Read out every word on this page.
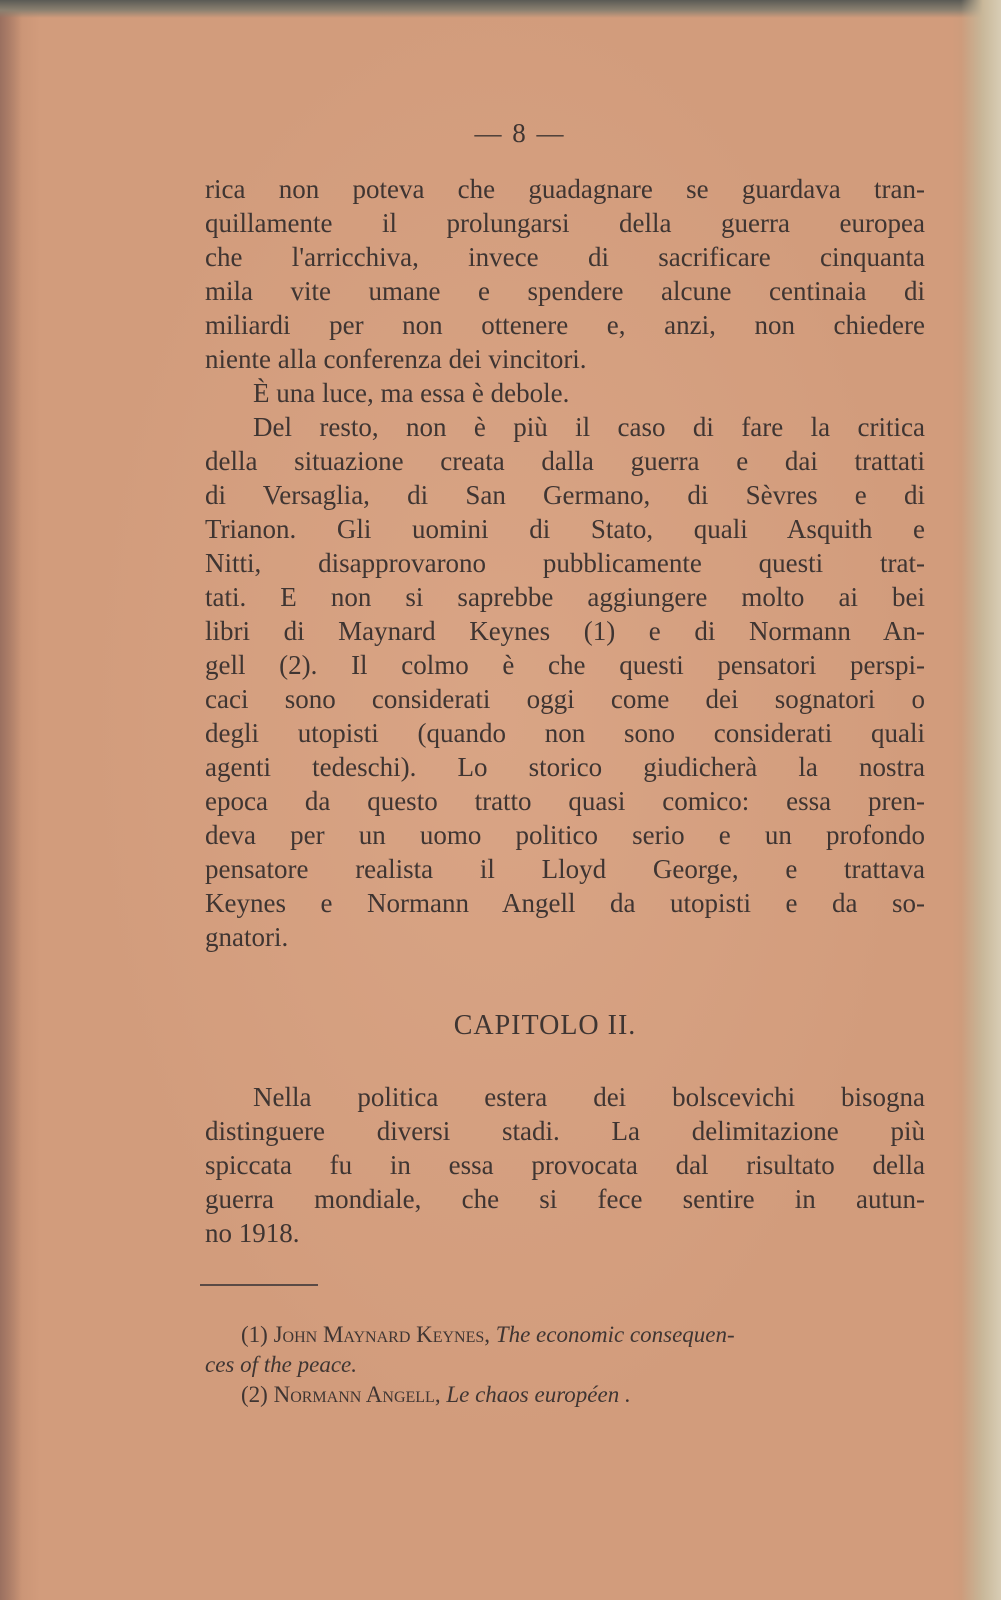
— 8 —
rica non poteva che guadagnare se guardava tran-
quillamente il prolungarsi della guerra europea
che l'arricchiva, invece di sacrificare cinquanta
mila vite umane e spendere alcune centinaia di
miliardi per non ottenere e, anzi, non chiedere
niente alla conferenza dei vincitori.
È una luce, ma essa è debole.
Del resto, non è più il caso di fare la critica
della situazione creata dalla guerra e dai trattati
di Versaglia, di San Germano, di Sèvres e di
Trianon. Gli uomini di Stato, quali Asquith e
Nitti, disapprovarono pubblicamente questi trat-
tati. E non si saprebbe aggiungere molto ai bei
libri di Maynard Keynes (1) e di Normann An-
gell (2). Il colmo è che questi pensatori perspi-
caci sono considerati oggi come dei sognatori o
degli utopisti (quando non sono considerati quali
agenti tedeschi). Lo storico giudicherà la nostra
epoca da questo tratto quasi comico: essa pren-
deva per un uomo politico serio e un profondo
pensatore realista il Lloyd George, e trattava
Keynes e Normann Angell da utopisti e da so-
gnatori.
CAPITOLO II.
Nella politica estera dei bolscevichi bisogna
distinguere diversi stadi. La delimitazione più
spiccata fu in essa provocata dal risultato della
guerra mondiale, che si fece sentire in autun-
no 1918.
(1) John Maynard Keynes, The economic consequen-
ces of the peace.
(2) Normann Angell, Le chaos européen .
